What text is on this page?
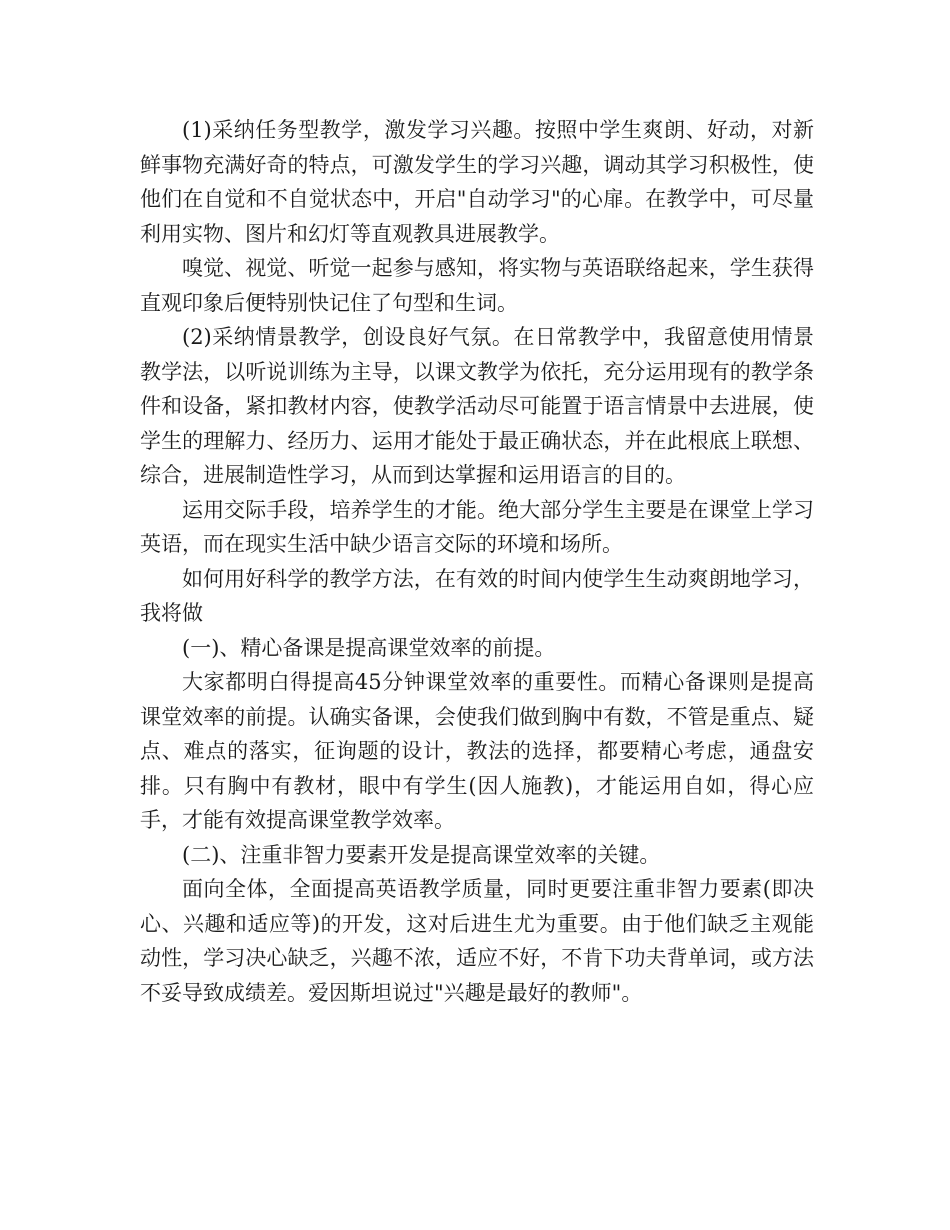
(1)采纳任务型教学，激发学习兴趣。按照中学生爽朗、好动，对新鲜事物充满好奇的特点，可激发学生的学习兴趣，调动其学习积极性，使他们在自觉和不自觉状态中，开启"自动学习"的心扉。在教学中，可尽量利用实物、图片和幻灯等直观教具进展教学。

嗅觉、视觉、听觉一起参与感知，将实物与英语联络起来，学生获得直观印象后便特别快记住了句型和生词。

(2)采纳情景教学，创设良好气氛。在日常教学中，我留意使用情景教学法，以听说训练为主导，以课文教学为依托，充分运用现有的教学条件和设备，紧扣教材内容，使教学活动尽可能置于语言情景中去进展，使学生的理解力、经历力、运用才能处于最正确状态，并在此根底上联想、综合，进展制造性学习，从而到达掌握和运用语言的目的。

运用交际手段，培养学生的才能。绝大部分学生主要是在课堂上学习英语，而在现实生活中缺少语言交际的环境和场所。

如何用好科学的教学方法，在有效的时间内使学生生动爽朗地学习，我将做

(一)、精心备课是提高课堂效率的前提。

大家都明白得提高45分钟课堂效率的重要性。而精心备课则是提高课堂效率的前提。认确实备课，会使我们做到胸中有数，不管是重点、疑点、难点的落实，征询题的设计，教法的选择，都要精心考虑，通盘安排。只有胸中有教材，眼中有学生(因人施教)，才能运用自如，得心应手，才能有效提高课堂教学效率。

(二)、注重非智力要素开发是提高课堂效率的关键。

面向全体，全面提高英语教学质量，同时更要注重非智力要素(即决心、兴趣和适应等)的开发，这对后进生尤为重要。由于他们缺乏主观能动性，学习决心缺乏，兴趣不浓，适应不好，不肯下功夫背单词，或方法不妥导致成绩差。爱因斯坦说过"兴趣是最好的教师"。
